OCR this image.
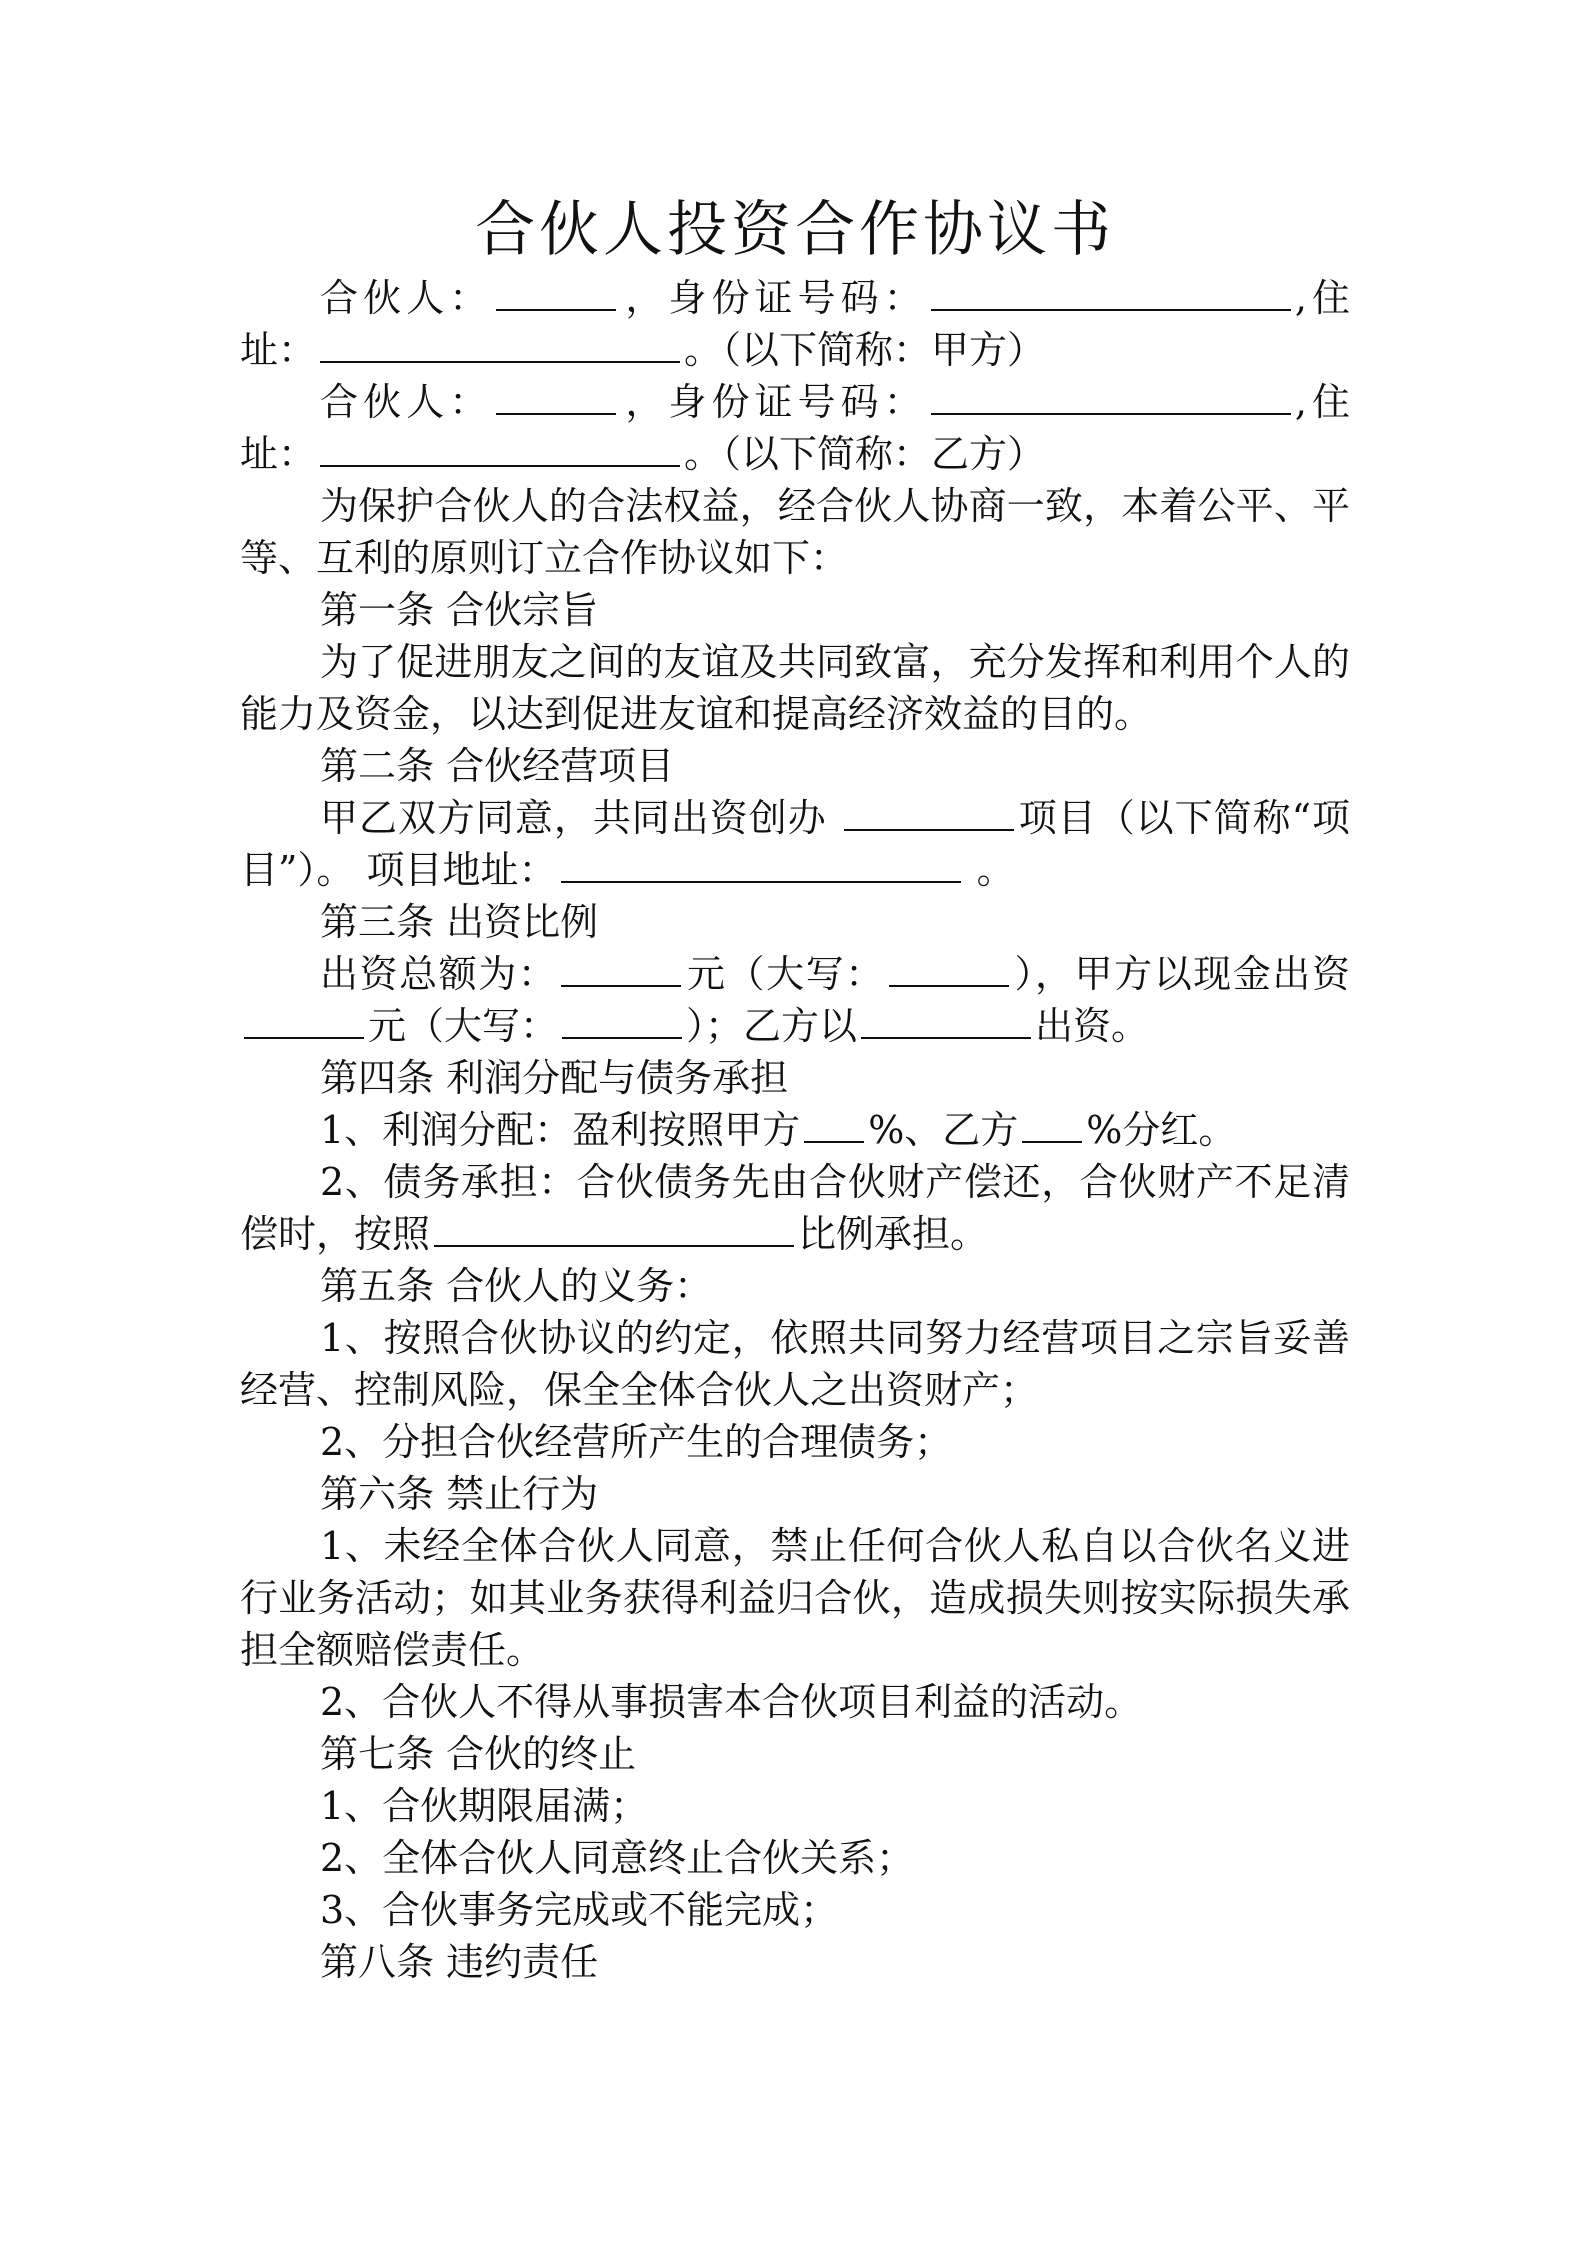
合伙人投资合作协议书

合伙人：	，身份证号码：	,住址：	。（以下简称：甲方）

合伙人：	，身份证号码：	,住址：	。（以下简称：乙方）

为保护合伙人的合法权益，经合伙人协商一致，本着公平、平等、互利的原则订立合作协议如下：

第一条 合伙宗旨

为了促进朋友之间的友谊及共同致富，充分发挥和利用个人的能力及资金，以达到促进友谊和提高经济效益的目的。

第二条 合伙经营项目

甲乙双方同意，共同出资创办	项目（以下简称“项目”）。 项目地址：	。

第三条 出资比例

出资总额为：	元（大写：	），甲方以现金出资元（大写：	）；乙方以	出资。

第四条 利润分配与债务承担

1、利润分配：盈利按照甲方 %、乙方 %分红。

2、债务承担：合伙债务先由合伙财产偿还，合伙财产不足清偿时，按照	比例承担。

第五条 合伙人的义务：

1、按照合伙协议的约定，依照共同努力经营项目之宗旨妥善经营、控制风险，保全全体合伙人之出资财产；

2、分担合伙经营所产生的合理债务；

第六条 禁止行为

1、未经全体合伙人同意，禁止任何合伙人私自以合伙名义进行业务活动；如其业务获得利益归合伙，造成损失则按实际损失承担全额赔偿责任。

2、合伙人不得从事损害本合伙项目利益的活动。

第七条 合伙的终止

1、合伙期限届满；

2、全体合伙人同意终止合伙关系；

3、合伙事务完成或不能完成；

第八条 违约责任
